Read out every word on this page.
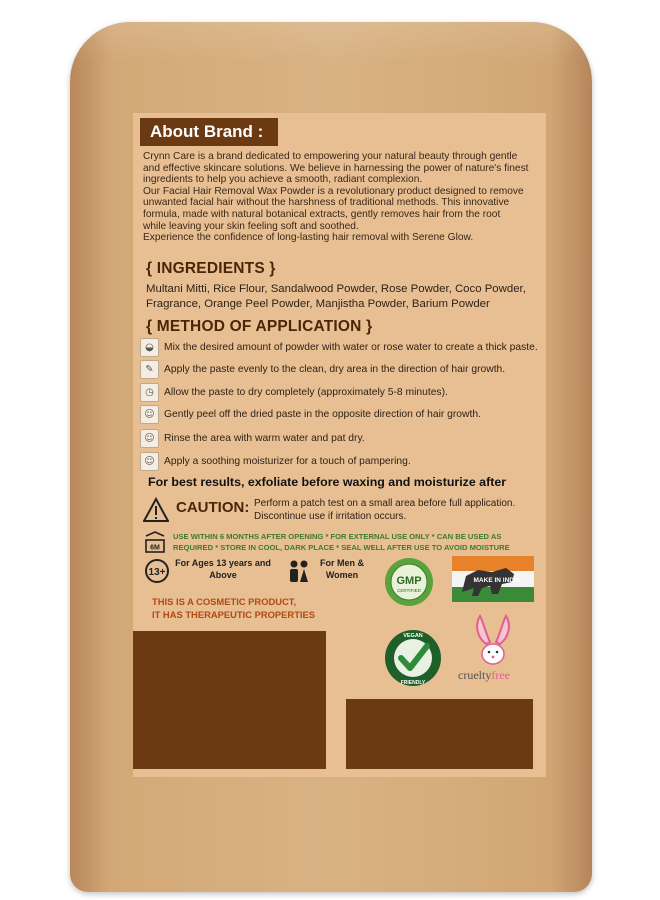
About Brand :

Crynn Care is a brand dedicated to empowering your natural beauty through gentle

and effective skincare solutions. We believe in harnessing the power of nature's finest

ingredients to help you achieve a smooth, radiant complexion.

Our Facial Hair Removal Wax Powder is a revolutionary product designed to remove

unwanted facial hair without the harshness of traditional methods. This innovative

formula, made with natural botanical extracts, gently removes hair from the root

while leaving your skin feeling soft and soothed.

Experience the confidence of long-lasting hair removal with Serene Glow.

{ INGREDIENTS }
Multani Mitti, Rice Flour, Sandalwood Powder, Rose Powder, Coco Powder,
Fragrance, Orange Peel Powder, Manjistha Powder, Barium Powder
{ METHOD OF APPLICATION }
◒ Mix the desired amount of powder with water or rose water to create a thick paste.
✎	Apply the paste evenly to the clean, dry area in the direction of hair growth.
◷ Allow the paste to dry completely (approximately 5-8 minutes).
☺ Gently peel off the dried paste in the opposite direction of hair growth.
☺ Rinse the area with warm water and pat dry.
☺ Apply a soothing moisturizer for a touch of pampering.
For best results, exfoliate before waxing and moisturize after
CAUTION: Perform a patch test on a small area before full application.
Discontinue use if irritation occurs.
6M
USE WITHIN 6 MONTHS AFTER OPENING * FOR EXTERNAL USE ONLY * CAN BE USED AS
REQUIRED * STORE IN COOL, DARK PLACE * SEAL WELL AFTER USE TO AVOID MOISTURE
13+
For Ages 13 years and
Above
For Men &
Women	GMP
CERTIFIED
MAKE IN INDIA
THIS IS A COSMETIC PRODUCT,
IT HAS THERAPEUTIC PROPERTIES
VEGAN
FRIENDLY
crueltyfree
